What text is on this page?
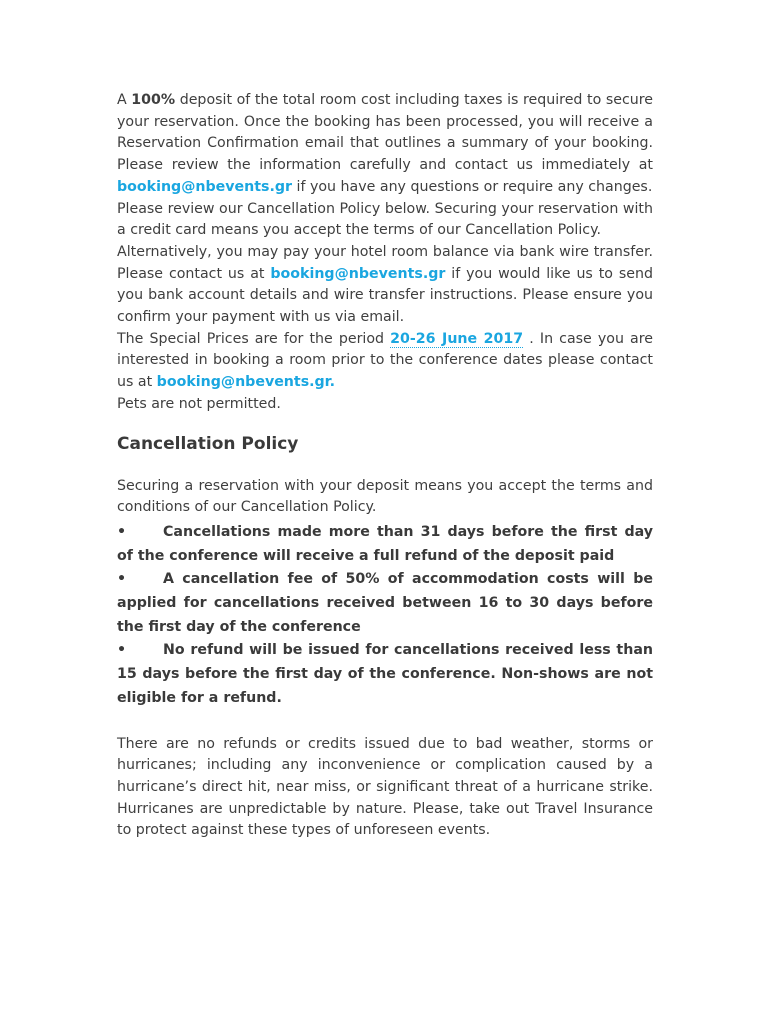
A 100% deposit of the total room cost including taxes is required to secure your reservation. Once the booking has been processed, you will receive a Reservation Confirmation email that outlines a summary of your booking. Please review the information carefully and contact us immediately at booking@nbevents.gr if you have any questions or require any changes.

Please review our Cancellation Policy below. Securing your reservation with a credit card means you accept the terms of our Cancellation Policy.

Alternatively, you may pay your hotel room balance via bank wire transfer. Please contact us at booking@nbevents.gr if you would like us to send you bank account details and wire transfer instructions. Please ensure you confirm your payment with us via email.

The Special Prices are for the period 20-26 June 2017 . In case you are interested in booking a room prior to the conference dates please contact us at booking@nbevents.gr.

Pets are not permitted.

Cancellation Policy

Securing a reservation with your deposit means you accept the terms and conditions of our Cancellation Policy.

•	Cancellations made more than 31 days before the first day of the conference will receive a full refund of the deposit paid
•	A cancellation fee of 50% of accommodation costs will be applied for cancellations received between 16 to 30 days before the first day of the conference
•	No refund will be issued for cancellations received less than 15 days before the first day of the conference. Non-shows are not eligible for a refund.

There are no refunds or credits issued due to bad weather, storms or hurricanes; including any inconvenience or complication caused by a hurricane’s direct hit, near miss, or significant threat of a hurricane strike. Hurricanes are unpredictable by nature. Please, take out Travel Insurance to protect against these types of unforeseen events.
